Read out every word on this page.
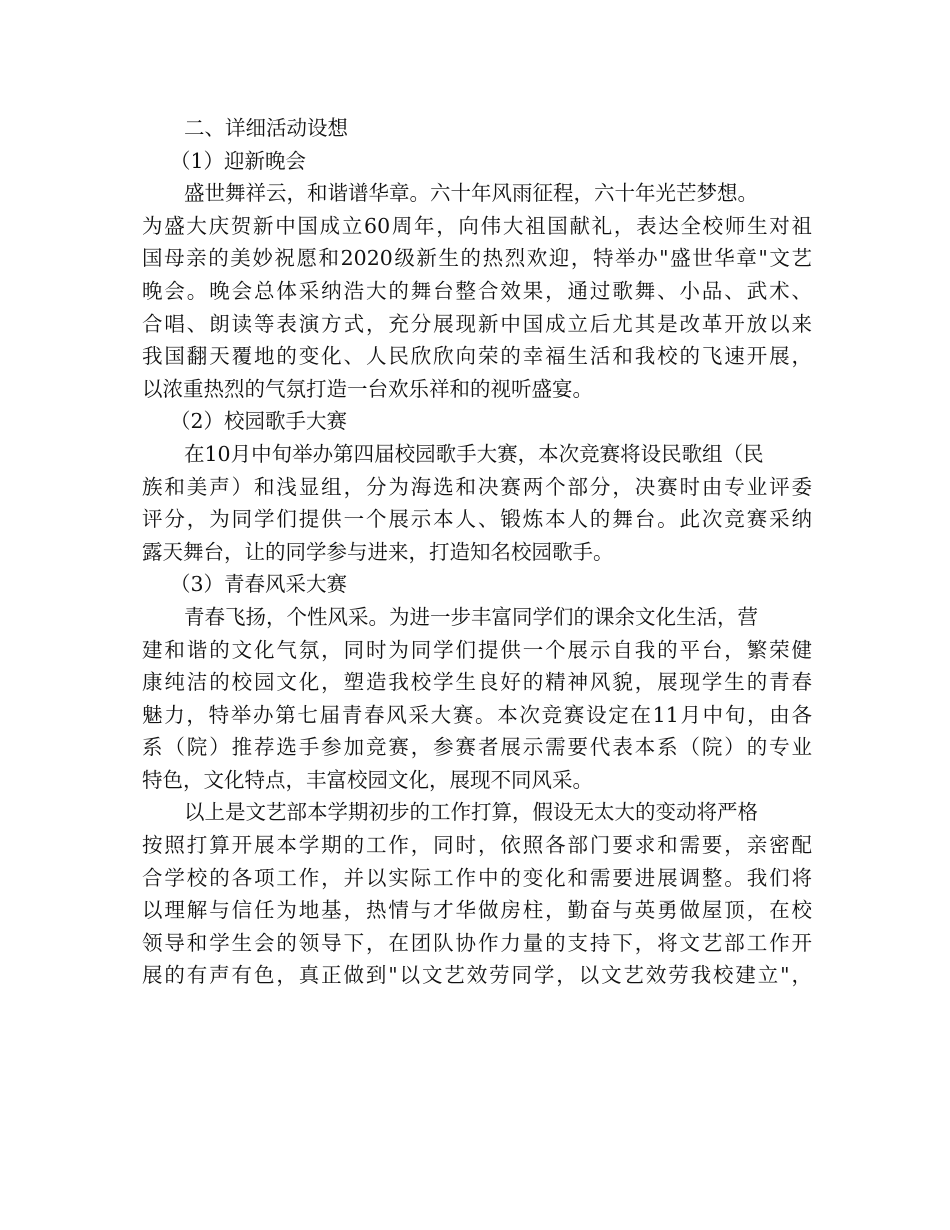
二、详细活动设想
（1）迎新晚会
盛世舞祥云，和谐谱华章。六十年风雨征程，六十年光芒梦想。
为盛大庆贺新中国成立60周年，向伟大祖国献礼，表达全校师生对祖
国母亲的美妙祝愿和2020级新生的热烈欢迎，特举办"盛世华章"文艺
晚会。晚会总体采纳浩大的舞台整合效果，通过歌舞、小品、武术、
合唱、朗读等表演方式，充分展现新中国成立后尤其是改革开放以来
我国翻天覆地的变化、人民欣欣向荣的幸福生活和我校的飞速开展，
以浓重热烈的气氛打造一台欢乐祥和的视听盛宴。
（2）校园歌手大赛
在10月中旬举办第四届校园歌手大赛，本次竞赛将设民歌组（民
族和美声）和浅显组，分为海选和决赛两个部分，决赛时由专业评委
评分，为同学们提供一个展示本人、锻炼本人的舞台。此次竞赛采纳
露天舞台，让的同学参与进来，打造知名校园歌手。
（3）青春风采大赛
青春飞扬，个性风采。为进一步丰富同学们的课余文化生活，营
建和谐的文化气氛，同时为同学们提供一个展示自我的平台，繁荣健
康纯洁的校园文化，塑造我校学生良好的精神风貌，展现学生的青春
魅力，特举办第七届青春风采大赛。本次竞赛设定在11月中旬，由各
系（院）推荐选手参加竞赛，参赛者展示需要代表本系（院）的专业
特色，文化特点，丰富校园文化，展现不同风采。
以上是文艺部本学期初步的工作打算，假设无太大的变动将严格
按照打算开展本学期的工作，同时，依照各部门要求和需要，亲密配
合学校的各项工作，并以实际工作中的变化和需要进展调整。我们将
以理解与信任为地基，热情与才华做房柱，勤奋与英勇做屋顶，在校
领导和学生会的领导下，在团队协作力量的支持下，将文艺部工作开
展的有声有色，真正做到"以文艺效劳同学，以文艺效劳我校建立"，
